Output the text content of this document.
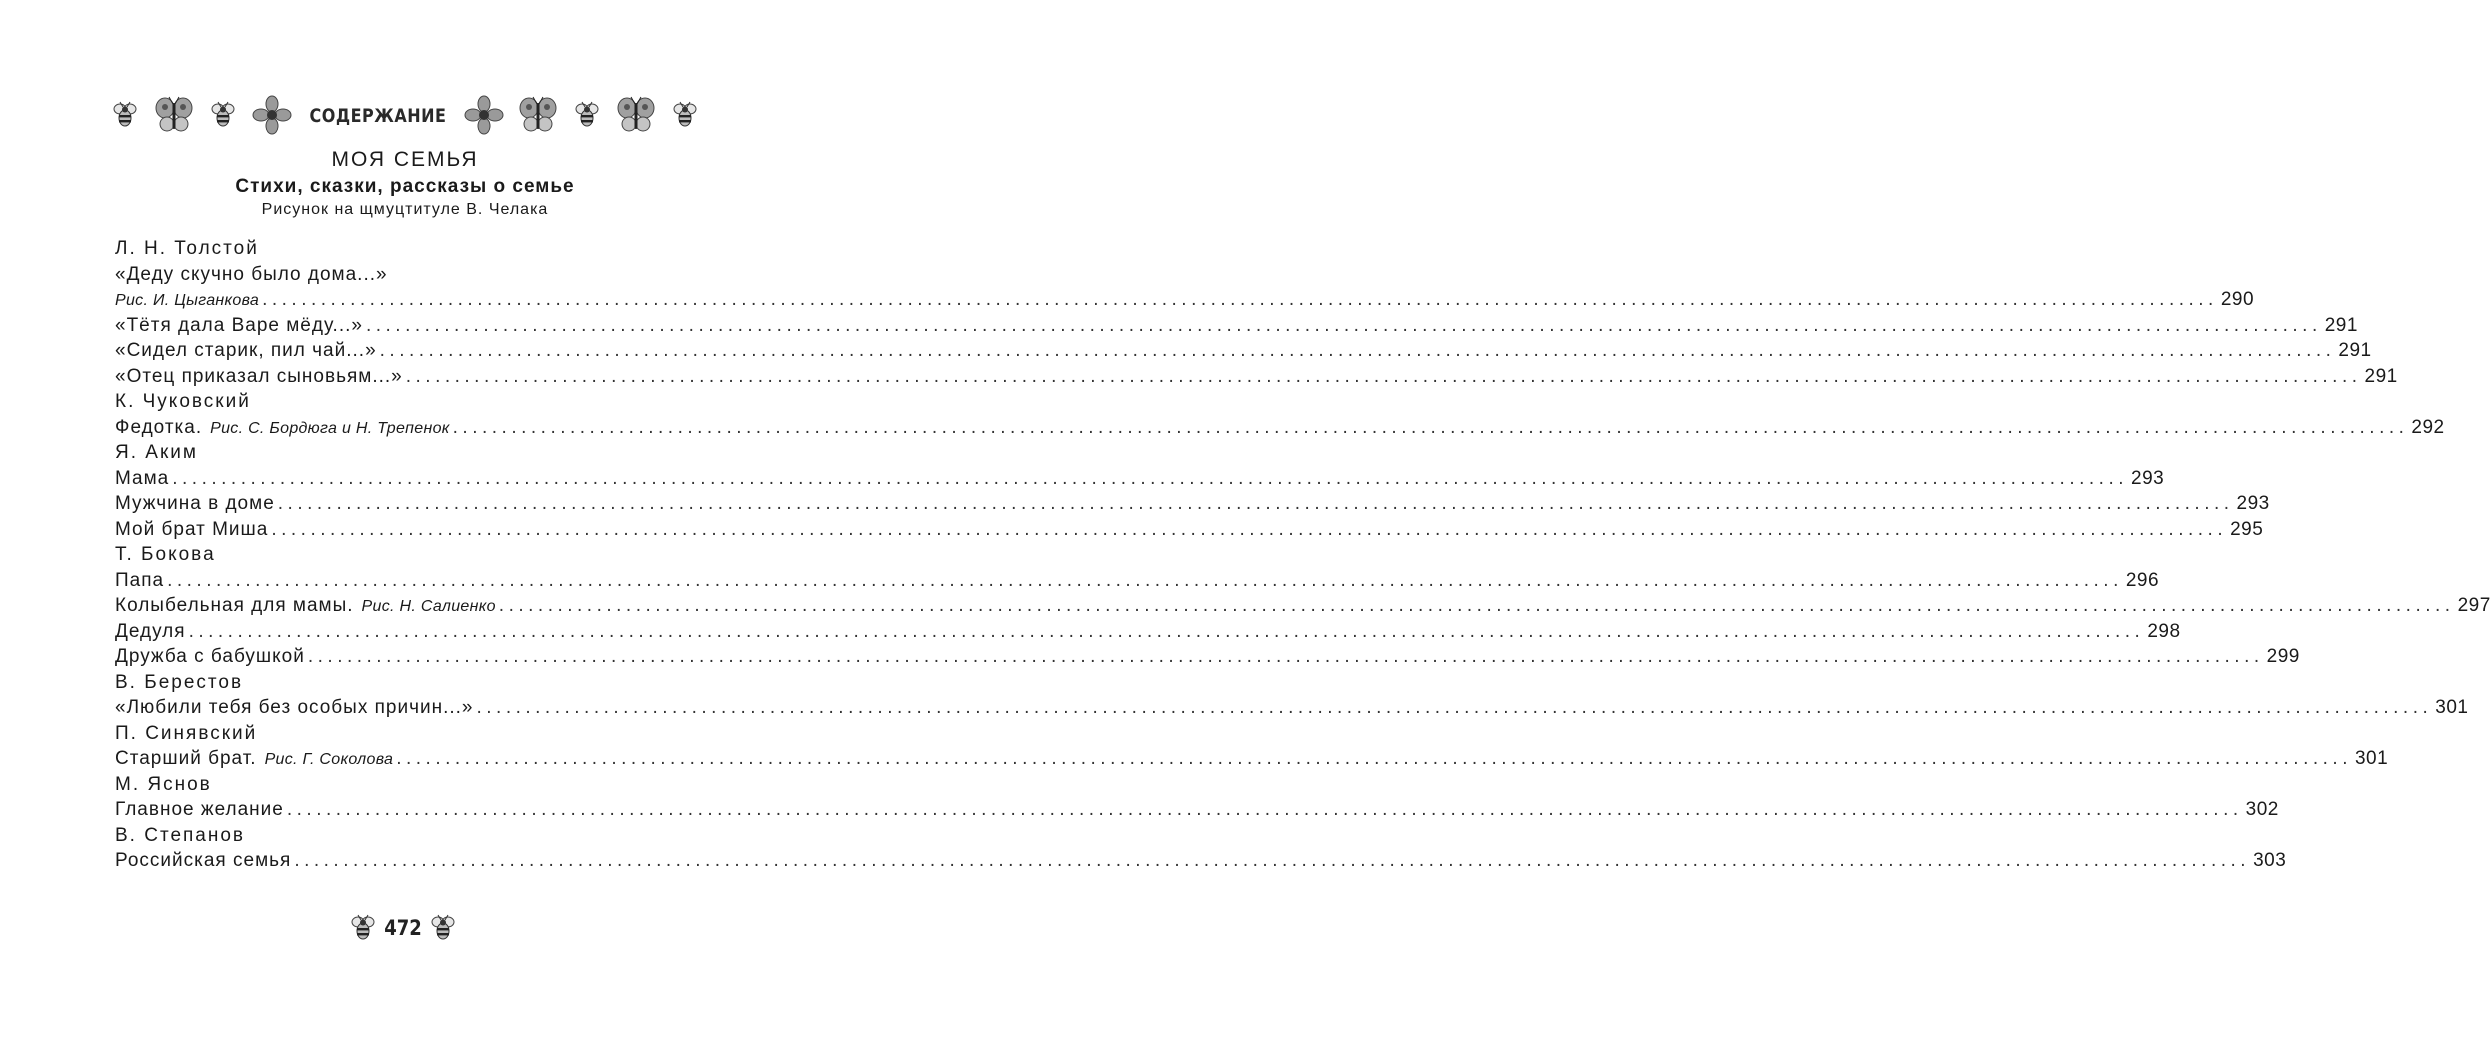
СОДЕРЖАНИЕ
МОЯ СЕМЬЯ
Стихи, сказки, рассказы о семье
Рисунок на щмуцтитуле В. Челака
Л. Н. Толстой
«Деду скучно было дома...»
Рис. И. Цыганкова ........................................................................................................................................................................................................ 290
«Тётя дала Варе мёду...» ........................................................................................................................................................................................................ 291
«Сидел старик, пил чай...» ........................................................................................................................................................................................................ 291
«Отец приказал сыновьям...» ........................................................................................................................................................................................................ 291
К. Чуковский
Федотка. Рис. С. Бордюга и Н. Трепенок ........................................................................................................................................................................................................ 292
Я. Аким
Мама ........................................................................................................................................................................................................ 293
Мужчина в доме ........................................................................................................................................................................................................ 293
Мой брат Миша ........................................................................................................................................................................................................ 295
Т. Бокова
Папа ........................................................................................................................................................................................................ 296
Колыбельная для мамы. Рис. Н. Салиенко ........................................................................................................................................................................................................ 297
Дедуля ........................................................................................................................................................................................................ 298
Дружба с бабушкой ........................................................................................................................................................................................................ 299
В. Берестов
«Любили тебя без особых причин...» ........................................................................................................................................................................................................ 301
П. Синявский
Старший брат. Рис. Г. Соколова ........................................................................................................................................................................................................ 301
М. Яснов
Главное желание ........................................................................................................................................................................................................ 302
В. Степанов
Российская семья ........................................................................................................................................................................................................ 303
472
